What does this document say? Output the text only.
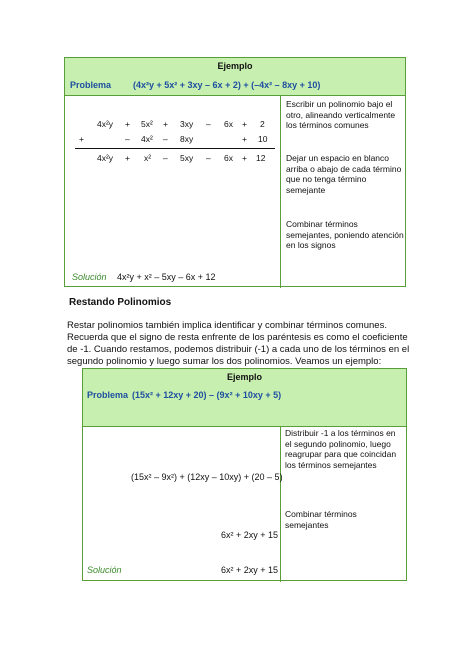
Ejemplo
Problema (4x²y + 5x² + 3xy – 6x + 2) + (–4x² – 8xy + 10)
4x²y + 5x² + 3xy – 6x + 2
+	– 4x² – 8xy	+ 10
4x²y + x² – 5xy – 6x + 12
Escribir un polinomio bajo el otro, alineando verticalmente los términos comunes
Dejar un espacio en blanco arriba o abajo de cada término que no tenga término semejante
Combinar términos semejantes, poniendo atención en los signos
Solución 4x²y + x² – 5xy – 6x + 12
Restando Polinomios
Restar polinomios también implica identificar y combinar términos comunes. Recuerda que el signo de resta enfrente de los paréntesis es como el coeficiente de -1. Cuando restamos, podemos distribuir (-1) a cada uno de los términos en el segundo polinomio y luego sumar los dos polinomios. Veamos un ejemplo:
Ejemplo
Problema (15x² + 12xy + 20) – (9x² + 10xy + 5)
(15x² – 9x²) + (12xy – 10xy) + (20 – 5)
Distribuir -1 a los términos en el segundo polinomio, luego reagrupar para que coincidan los términos semejantes
6x² + 2xy + 15
Combinar términos semejantes
Solución	6x² + 2xy + 15
